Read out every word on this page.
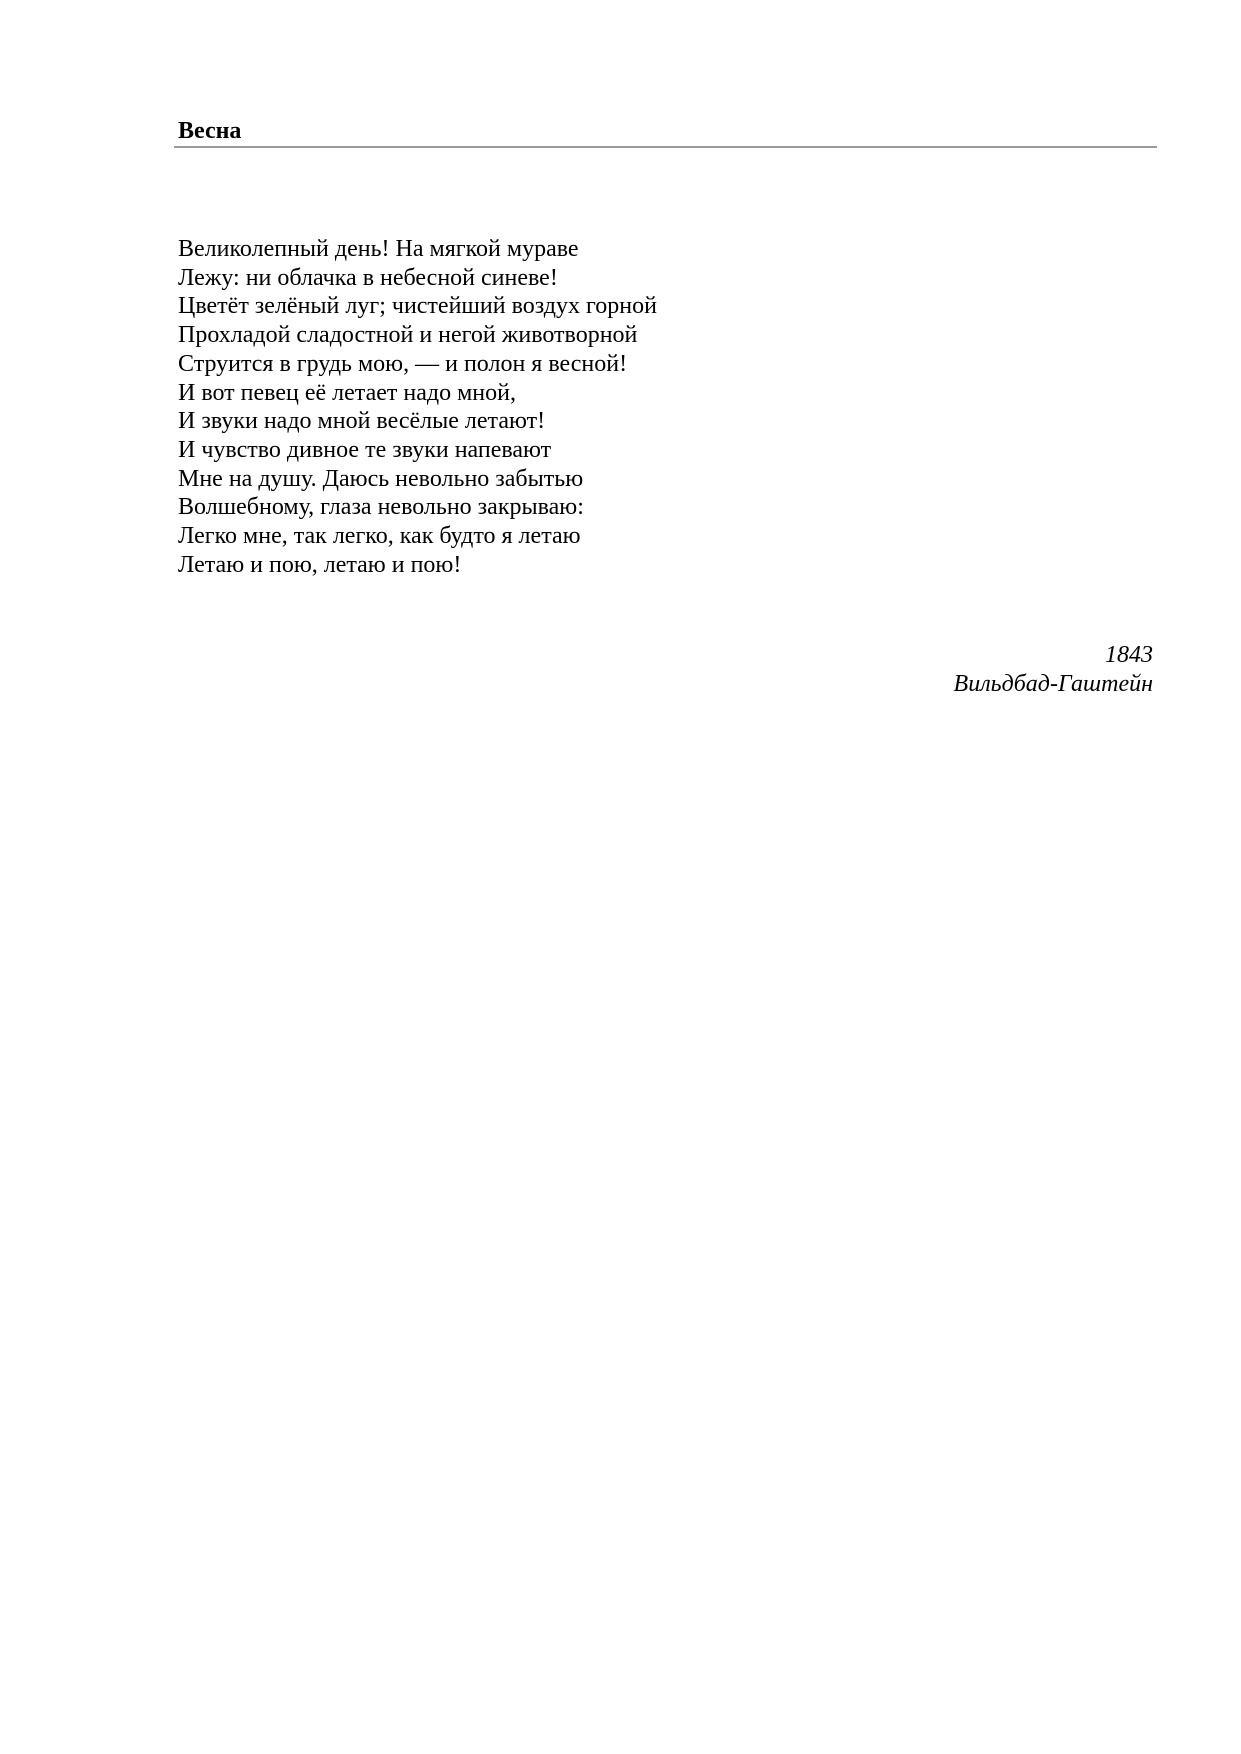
Весна
Великолепный день! На мягкой мураве
Лежу: ни облачка в небесной синеве!
Цветёт зелёный луг; чистейший воздух горной
Прохладой сладостной и негой животворной
Струится в грудь мою, — и полон я весной!
И вот певец её летает надо мной,
И звуки надо мной весёлые летают!
И чувство дивное те звуки напевают
Мне на душу. Даюсь невольно забытью
Волшебному, глаза невольно закрываю:
Легко мне, так легко, как будто я летаю
Летаю и пою, летаю и пою!
1843
Вильдбад-Гаштейн
